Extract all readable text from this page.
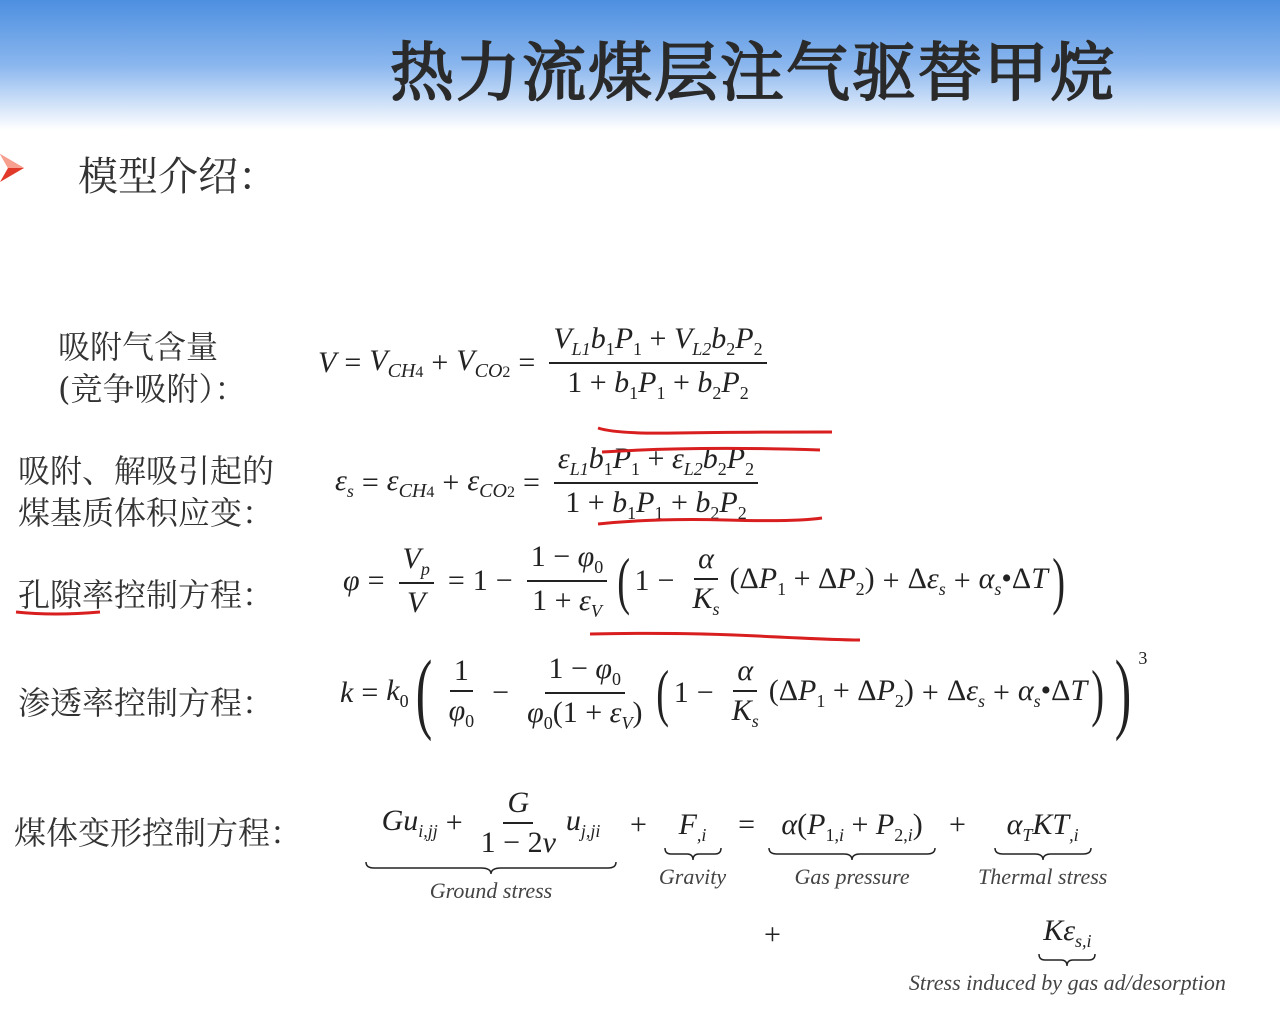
热力流煤层注气驱替甲烷
模型介绍：
吸附气含量
(竞争吸附）：
$V = V_{CH4} + V_{CO2} = \frac{V_{L1}b_1P_1 + V_{L2}b_2P_2}{1 + b_1P_1 + b_2P_2}$
吸附、解吸引起的
煤基质体积应变：
$\varepsilon_s = \varepsilon_{CH4} + \varepsilon_{CO2} = \frac{\varepsilon_{L1}b_1P_1 + \varepsilon_{L2}b_2P_2}{1 + b_1P_1 + b_2P_2}$
孔隙率控制方程： $\varphi = \frac{V_p}{V} = 1 - \frac{1 - \varphi_0}{1 + \varepsilon_V}$ ( $1 - \frac{\alpha}{K_s} (\Delta P_1 + \Delta P_2) + \Delta\varepsilon_s$ + $\alpha_s•\Delta T$ )
渗透率控制方程： $k = k_0$ ( $\frac{1}{\varphi_0} - \frac{1 - \varphi_0}{\varphi_0(1 + \varepsilon_V)}$ ( $1 - \frac{\alpha}{K_s} (\Delta P_1 + \Delta P_2) + \Delta\varepsilon_s$ + $\alpha_s•\Delta T$ ) ) $^3$
煤体变形控制方程：	$Gu_{i,jj} + \frac{G}{1 - 2v} u_{j,ji}$
Ground stress
+ $F_{,i}$
Gravity
= $\alpha(P_{1,i} + P_{2,i})$
Gas pressure
+ $\alpha_TKT_{,i}$
Thermal stress
+	$K\varepsilon_{s,i}$
Stress induced by gas ad/desorption
